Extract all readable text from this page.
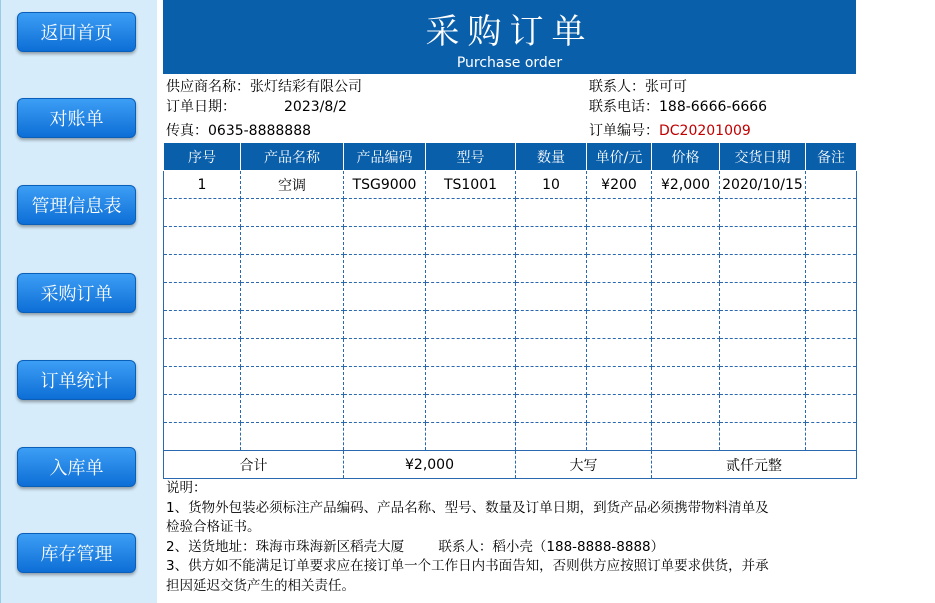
返回首页
对账单
管理信息表
采购订单
订单统计
入库单
库存管理
采购订单
Purchase order
供应商名称：张灯结彩有限公司	联系人：张可可
订单日期：	2023/8/2	联系电话：188-6666-6666
传真：0635-8888888	订单编号：DC20201009
序号	产品名称	产品编码	型号	数量	单价/元	价格	交货日期	备注
1	空调	TSG9000	TS1001	10	¥200	¥2,000	2020/10/15	

合计		¥2,000		大写		贰仟元整		
说明：
1、货物外包装必须标注产品编码、产品名称、型号、数量及订单日期，到货产品必须携带物料清单及
检验合格证书。
2、送货地址：珠海市珠海新区稻壳大厦        联系人：稻小壳（188-8888-8888）
3、供方如不能满足订单要求应在接订单一个工作日内书面告知，否则供方应按照订单要求供货，并承
担因延迟交货产生的相关责任。
